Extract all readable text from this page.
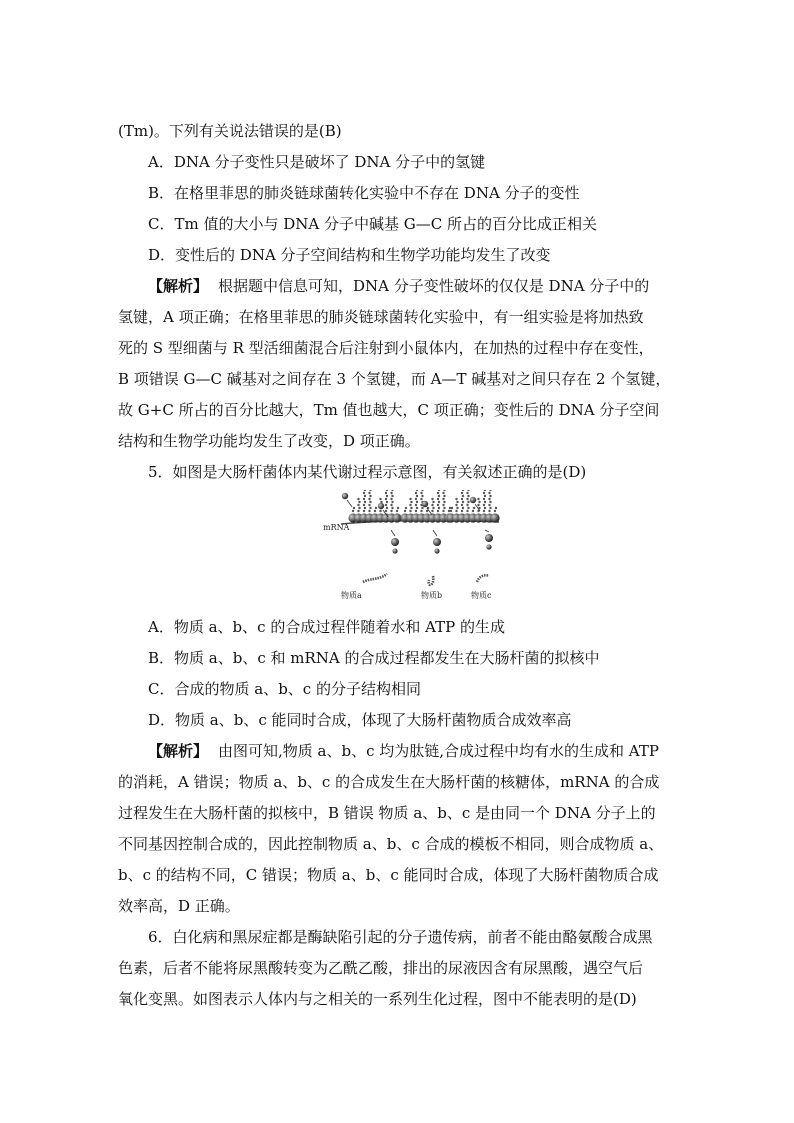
(Tm)。下列有关说法错误的是(B)

A．DNA 分子变性只是破坏了 DNA 分子中的氢键

B．在格里菲思的肺炎链球菌转化实验中不存在 DNA 分子的变性

C．Tm 值的大小与 DNA 分子中碱基 G—C 所占的百分比成正相关

D．变性后的 DNA 分子空间结构和生物学功能均发生了改变

【解析】 根据题中信息可知，DNA 分子变性破坏的仅仅是 DNA 分子中的

氢键，A 项正确；在格里菲思的肺炎链球菌转化实验中，有一组实验是将加热致

死的 S 型细菌与 R 型活细菌混合后注射到小鼠体内，在加热的过程中存在变性，

B 项错误 G—C 碱基对之间存在 3 个氢键，而 A—T 碱基对之间只存在 2 个氢键，

故 G+C 所占的百分比越大，Tm 值也越大，C 项正确；变性后的 DNA 分子空间

结构和生物学功能均发生了改变，D 项正确。

5．如图是大肠杆菌体内某代谢过程示意图，有关叙述正确的是(D)

mRNA
物质a	物质b	物质c

A．物质 a、b、c 的合成过程伴随着水和 ATP 的生成

B．物质 a、b、c 和 mRNA 的合成过程都发生在大肠杆菌的拟核中

C．合成的物质 a、b、c 的分子结构相同

D．物质 a、b、c 能同时合成，体现了大肠杆菌物质合成效率高

【解析】 由图可知,物质 a、b、c 均为肽链,合成过程中均有水的生成和 ATP

的消耗，A 错误；物质 a、b、c 的合成发生在大肠杆菌的核糖体，mRNA 的合成

过程发生在大肠杆菌的拟核中，B 错误 物质 a、b、c 是由同一个 DNA 分子上的

不同基因控制合成的，因此控制物质 a、b、c 合成的模板不相同，则合成物质 a、

b、c 的结构不同，C 错误；物质 a、b、c 能同时合成，体现了大肠杆菌物质合成

效率高，D 正确。

6．白化病和黑尿症都是酶缺陷引起的分子遗传病，前者不能由酪氨酸合成黑

色素，后者不能将尿黑酸转变为乙酰乙酸，排出的尿液因含有尿黑酸，遇空气后

氧化变黑。如图表示人体内与之相关的一系列生化过程，图中不能表明的是(D)
